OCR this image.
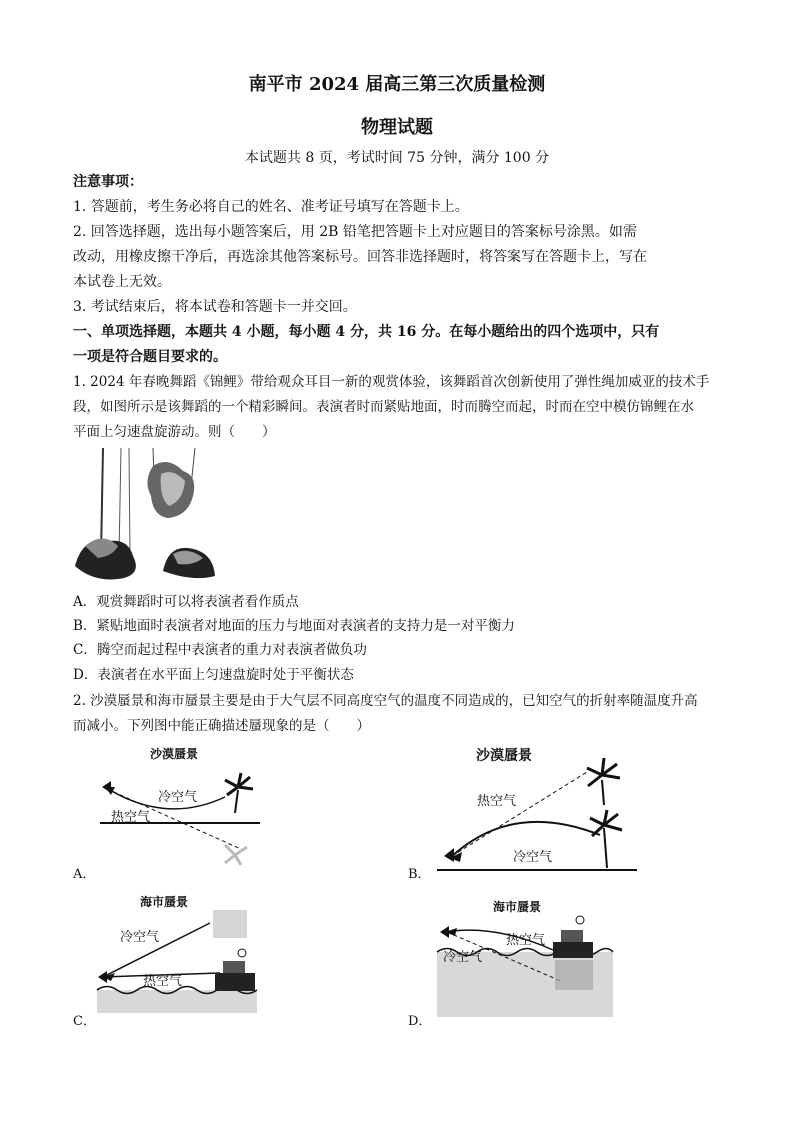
南平市 2024 届高三第三次质量检测
物理试题
本试题共 8 页，考试时间 75 分钟，满分 100 分
注意事项：
1. 答题前，考生务必将自己的姓名、准考证号填写在答题卡上。
2. 回答选择题，选出每小题答案后，用 2B 铅笔把答题卡上对应题目的答案标号涂黑。如需
改动，用橡皮擦干净后，再选涂其他答案标号。回答非选择题时，将答案写在答题卡上，写在
本试卷上无效。
3. 考试结束后，将本试卷和答题卡一并交回。
一、单项选择题，本题共 4 小题，每小题 4 分，共 16 分。在每小题给出的四个选项中，只有
一项是符合题目要求的。
1. 2024 年春晚舞蹈《锦鲤》带给观众耳目一新的观赏体验，该舞蹈首次创新使用了弹性绳加威亚的技术手
段，如图所示是该舞蹈的一个精彩瞬间。表演者时而紧贴地面，时而腾空而起，时而在空中模仿锦鲤在水
平面上匀速盘旋游动。则（　　）
A．观赏舞蹈时可以将表演者看作质点
B．紧贴地面时表演者对地面的压力与地面对表演者的支持力是一对平衡力
C．腾空而起过程中表演者的重力对表演者做负功
D．表演者在水平面上匀速盘旋时处于平衡状态
2. 沙漠蜃景和海市蜃景主要是由于大气层不同高度空气的温度不同造成的，已知空气的折射率随温度升高
而减小。下列图中能正确描述蜃现象的是（　　）
沙漠蜃景
冷空气
热空气
A．
沙漠蜃景
热空气
冷空气
B．
海市蜃景
冷空气
热空气
C．
海市蜃景
热空气
冷空气
D．
